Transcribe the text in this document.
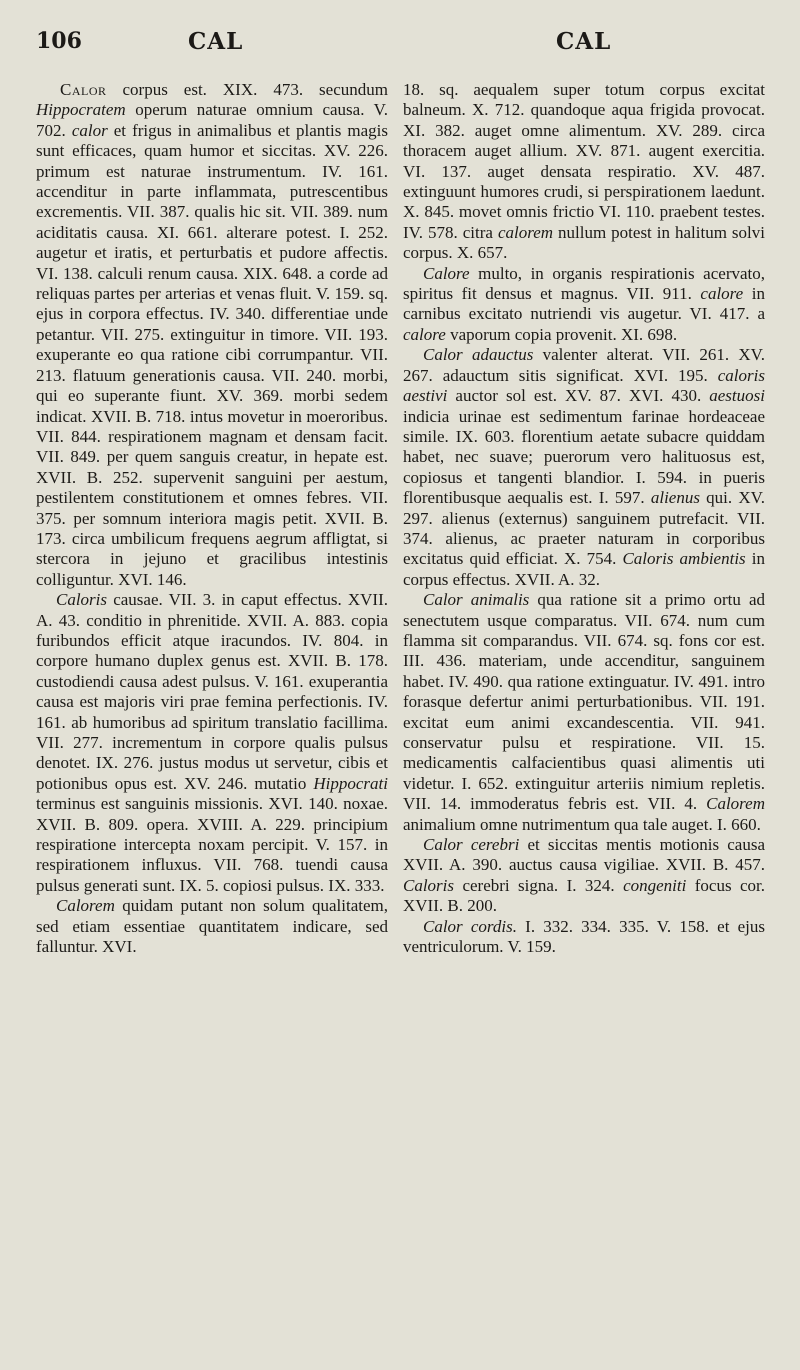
106	CAL	CAL

Calor corpus est. XIX. 473. secundum Hippocratem operum naturae omnium causa. V. 702. calor et frigus in animalibus et plantis magis sunt efficaces, quam humor et siccitas. XV. 226. primum est naturae instrumentum. IV. 161. accenditur in parte inflammata, putrescentibus excrementis. VII. 387. qualis hic sit. VII. 389. num aciditatis causa. XI. 661. alterare potest. I. 252. augetur et iratis, et perturbatis et pudore affectis. VI. 138. calculi renum causa. XIX. 648. a corde ad reliquas partes per arterias et venas fluit. V. 159. sq. ejus in corpora effectus. IV. 340. differentiae unde petantur. VII. 275. extinguitur in timore. VII. 193. exuperante eo qua ratione cibi corrumpantur. VII. 213. flatuum generationis causa. VII. 240. morbi, qui eo superante fiunt. XV. 369. morbi sedem indicat. XVII. B. 718. intus movetur in moeroribus. VII. 844. respirationem magnam et densam facit. VII. 849. per quem sanguis creatur, in hepate est. XVII. B. 252. supervenit sanguini per aestum, pestilentem constitutionem et omnes febres. VII. 375. per somnum interiora magis petit. XVII. B. 173. circa umbilicum frequens aegrum affligtat, si stercora in jejuno et gracilibus intestinis colliguntur. XVI. 146.

Caloris causae. VII. 3. in caput effectus. XVII. A. 43. conditio in phrenitide. XVII. A. 883. copia furibundos efficit atque iracundos. IV. 804. in corpore humano duplex genus est. XVII. B. 178. custodiendi causa adest pulsus. V. 161. exuperantia causa est majoris viri prae femina perfectionis. IV. 161. ab humoribus ad spiritum translatio facillima. VII. 277. incrementum in corpore qualis pulsus denotet. IX. 276. justus modus ut servetur, cibis et potionibus opus est. XV. 246. mutatio Hippocrati terminus est sanguinis missionis. XVI. 140. noxae. XVII. B. 809. opera. XVIII. A. 229. principium respiratione intercepta noxam percipit. V. 157. in respirationem influxus. VII. 768. tuendi causa pulsus generati sunt. IX. 5. copiosi pulsus. IX. 333.

Calorem quidam putant non solum qualitatem, sed etiam essentiae quantitatem indicare, sed falluntur. XVI.

18. sq. aequalem super totum corpus excitat balneum. X. 712. quandoque aqua frigida provocat. XI. 382. auget omne alimentum. XV. 289. circa thoracem auget allium. XV. 871. augent exercitia. VI. 137. auget densata respiratio. XV. 487. extinguunt humores crudi, si perspirationem laedunt. X. 845. movet omnis frictio VI. 110. praebent testes. IV. 578. citra calorem nullum potest in halitum solvi corpus. X. 657.

Calore multo, in organis respirationis acervato, spiritus fit densus et magnus. VII. 911. calore in carnibus excitato nutriendi vis augetur. VI. 417. a calore vaporum copia provenit. XI. 698.

Calor adauctus valenter alterat. VII. 261. XV. 267. adauctum sitis significat. XVI. 195. caloris aestivi auctor sol est. XV. 87. XVI. 430. aestuosi indicia urinae est sedimentum farinae hordeaceae simile. IX. 603. florentium aetate subacre quiddam habet, nec suave; puerorum vero halituosus est, copiosus et tangenti blandior. I. 594. in pueris florentibusque aequalis est. I. 597. alienus qui. XV. 297. alienus (externus) sanguinem putrefacit. VII. 374. alienus, ac praeter naturam in corporibus excitatus quid efficiat. X. 754. Caloris ambientis in corpus effectus. XVII. A. 32.

Calor animalis qua ratione sit a primo ortu ad senectutem usque comparatus. VII. 674. num cum flamma sit comparandus. VII. 674. sq. fons cor est. III. 436. materiam, unde accenditur, sanguinem habet. IV. 490. qua ratione extinguatur. IV. 491. intro forasque defertur animi perturbationibus. VII. 191. excitat eum animi excandescentia. VII. 941. conservatur pulsu et respiratione. VII. 15. medicamentis calfacientibus quasi alimentis uti videtur. I. 652. extinguitur arteriis nimium repletis. VII. 14. immoderatus febris est. VII. 4. Calorem animalium omne nutrimentum qua tale auget. I. 660.

Calor cerebri et siccitas mentis motionis causa XVII. A. 390. auctus causa vigiliae. XVII. B. 457. Caloris cerebri signa. I. 324. congeniti focus cor. XVII. B. 200.

Calor cordis. I. 332. 334. 335. V. 158. et ejus ventriculorum. V. 159.
